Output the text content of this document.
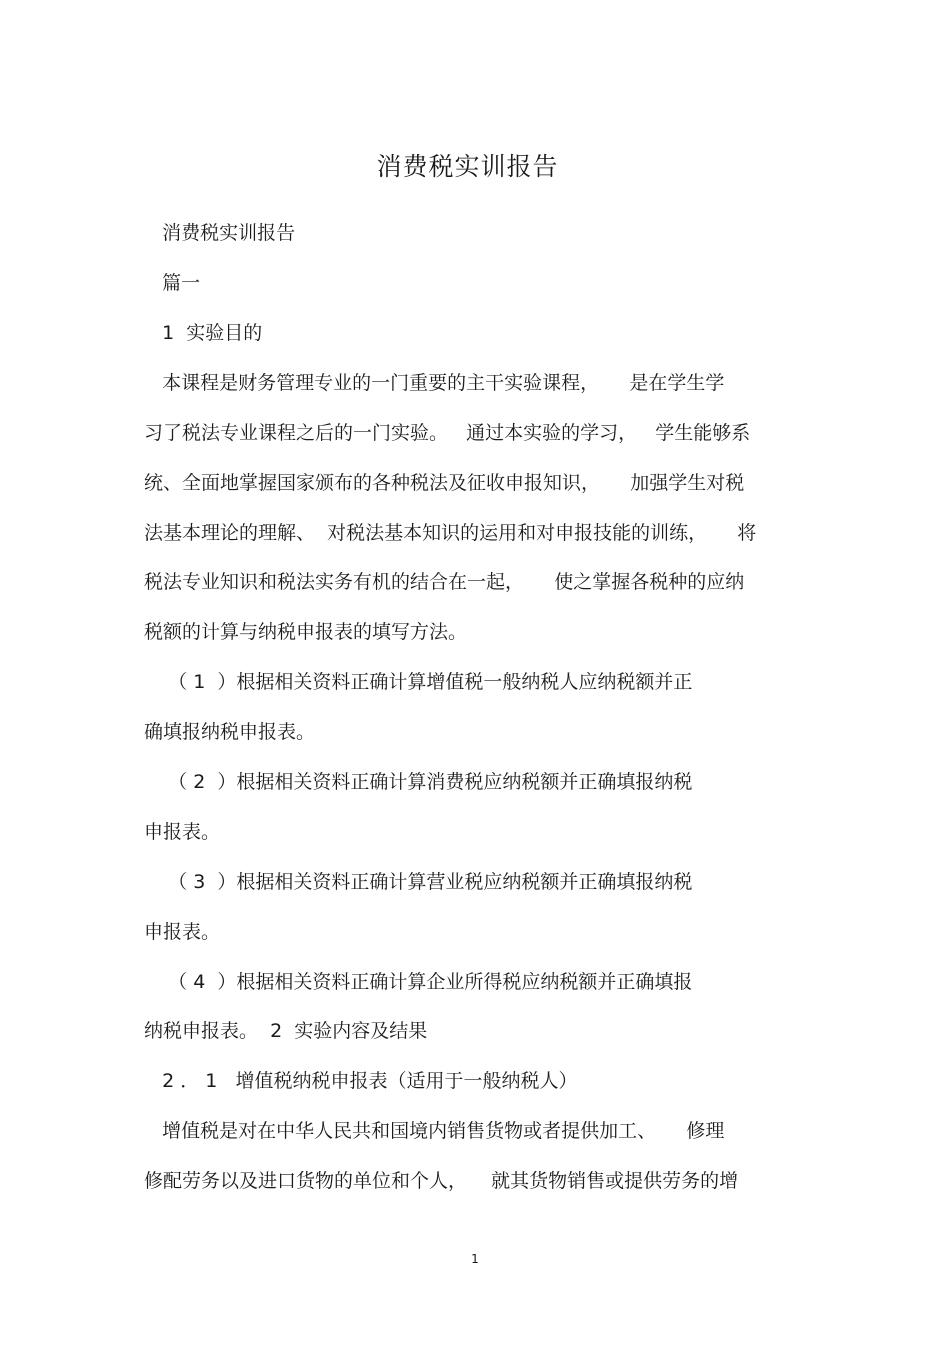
消费税实训报告
消费税实训报告
篇一
1  实验目的
本课程是财务管理专业的一门重要的主干实验课程，     是在学生学
习了税法专业课程之后的一门实验。   通过本实验的学习，   学生能够系
统、全面地掌握国家颁布的各种税法及征收申报知识，     加强学生对税
法基本理论的理解、  对税法基本知识的运用和对申报技能的训练，     将
税法专业知识和税法实务有机的结合在一起，     使之掌握各税种的应纳
税额的计算与纳税申报表的填写方法。
（ 1  ）根据相关资料正确计算增值税一般纳税人应纳税额并正
确填报纳税申报表。
（ 2  ）根据相关资料正确计算消费税应纳税额并正确填报纳税
申报表。
（ 3  ）根据相关资料正确计算营业税应纳税额并正确填报纳税
申报表。
（ 4  ）根据相关资料正确计算企业所得税应纳税额并正确填报
纳税申报表。  2  实验内容及结果
2 ． 1   增值税纳税申报表（适用于一般纳税人）
增值税是对在中华人民共和国境内销售货物或者提供加工、     修理
修配劳务以及进口货物的单位和个人，    就其货物销售或提供劳务的增
1
